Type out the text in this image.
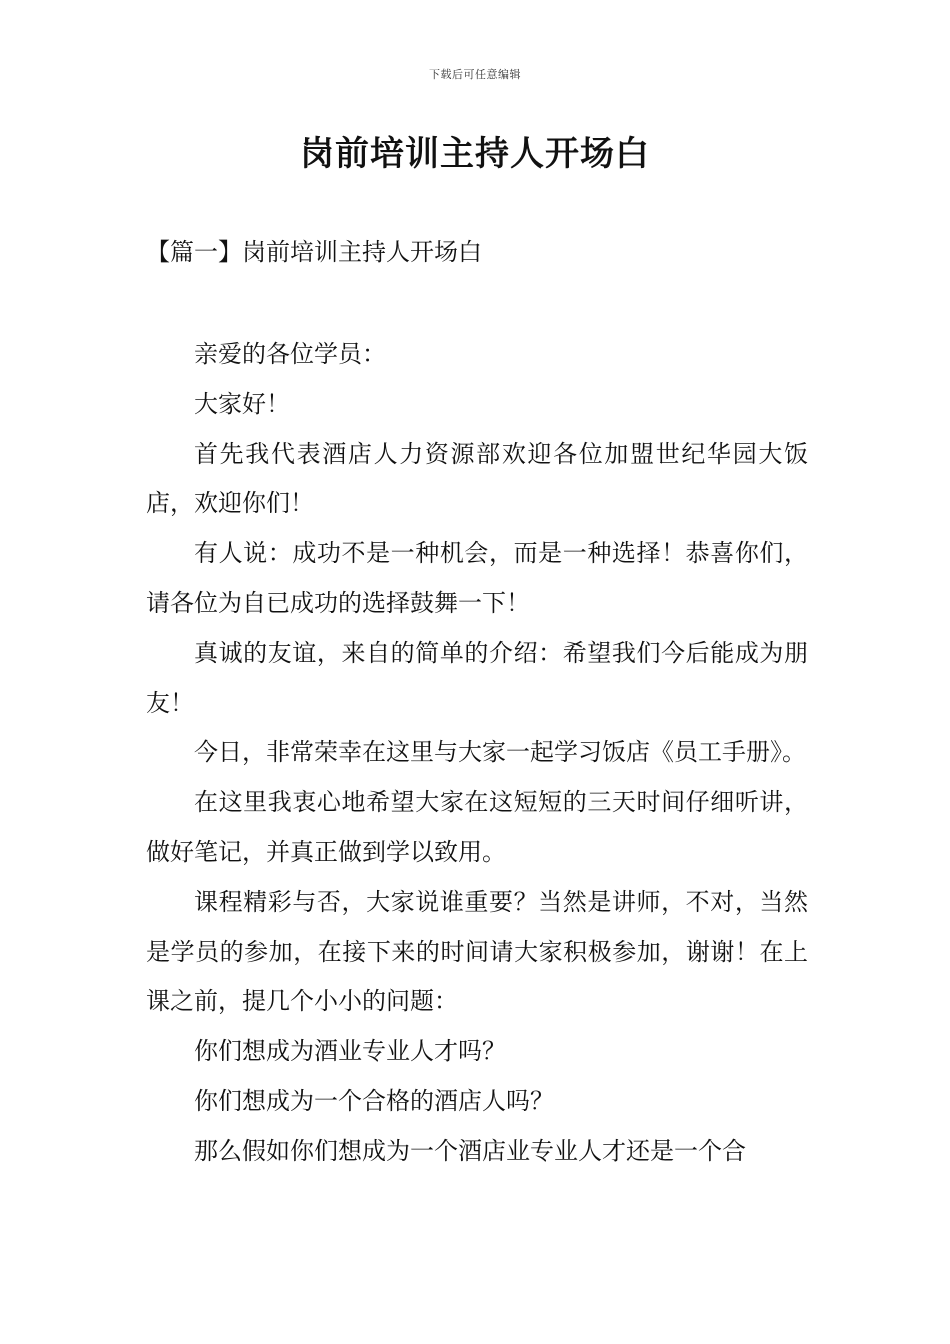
下载后可任意编辑
岗前培训主持人开场白
【篇一】岗前培训主持人开场白

亲爱的各位学员：

大家好！

首先我代表酒店人力资源部欢迎各位加盟世纪华园大饭店，欢迎你们！

有人说：成功不是一种机会，而是一种选择！恭喜你们，请各位为自已成功的选择鼓舞一下！

真诚的友谊，来自的简单的介绍：希望我们今后能成为朋友！

今日，非常荣幸在这里与大家一起学习饭店《员工手册》。

在这里我衷心地希望大家在这短短的三天时间仔细听讲，做好笔记，并真正做到学以致用。

课程精彩与否，大家说谁重要？当然是讲师，不对，当然是学员的参加，在接下来的时间请大家积极参加，谢谢！在上课之前，提几个小小的问题：

你们想成为酒业专业人才吗？

你们想成为一个合格的酒店人吗？

那么假如你们想成为一个酒店业专业人才还是一个合
